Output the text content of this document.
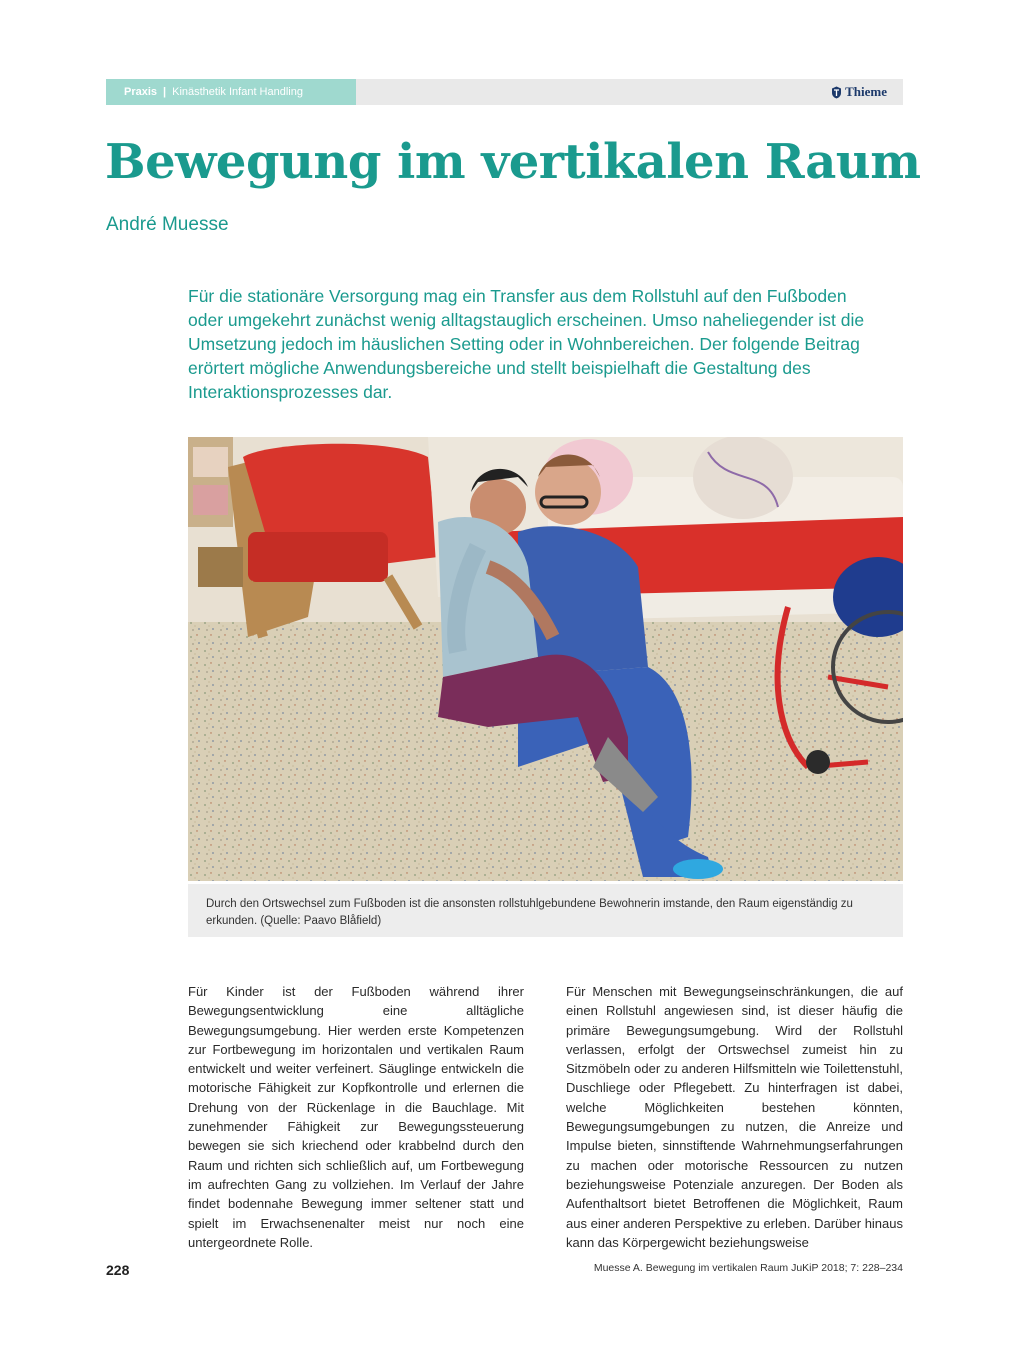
Praxis | Kinästhetik Infant Handling	Thieme
Bewegung im vertikalen Raum
André Muesse

Für die stationäre Versorgung mag ein Transfer aus dem Rollstuhl auf den Fußboden oder umgekehrt zunächst wenig alltagstauglich erscheinen. Umso naheliegender ist die Umsetzung jedoch im häuslichen Setting oder in Wohnbereichen. Der folgende Beitrag erörtert mögliche Anwendungsbereiche und stellt beispielhaft die Gestaltung des Interaktionsprozesses dar.

Durch den Ortswechsel zum Fußboden ist die ansonsten rollstuhlgebundene Bewohnerin imstande, den Raum eigenständig zu erkunden. (Quelle: Paavo Blåfield)

Für Kinder ist der Fußboden während ihrer Bewegungsentwicklung eine alltägliche Bewegungsumgebung. Hier werden erste Kompetenzen zur Fortbewegung im horizontalen und vertikalen Raum entwickelt und weiter verfeinert. Säuglinge entwickeln die motorische Fähigkeit zur Kopfkontrolle und erlernen die Drehung von der Rückenlage in die Bauchlage. Mit zunehmender Fähigkeit zur Bewegungssteuerung bewegen sie sich kriechend oder krabbelnd durch den Raum und richten sich schließlich auf, um Fortbewegung im aufrechten Gang zu vollziehen. Im Verlauf der Jahre findet bodennahe Bewegung immer seltener statt und spielt im Erwachsenenalter meist nur noch eine untergeordnete Rolle.

Für Menschen mit Bewegungseinschränkungen, die auf einen Rollstuhl angewiesen sind, ist dieser häufig die primäre Bewegungsumgebung. Wird der Rollstuhl verlassen, erfolgt der Ortswechsel zumeist hin zu Sitzmöbeln oder zu anderen Hilfsmitteln wie Toilettenstuhl, Duschliege oder Pflegebett. Zu hinterfragen ist dabei, welche Möglichkeiten bestehen könnten, Bewegungsumgebungen zu nutzen, die Anreize und Impulse bieten, sinnstiftende Wahrnehmungserfahrungen zu machen oder motorische Ressourcen zu nutzen beziehungsweise Potenziale anzuregen. Der Boden als Aufenthaltsort bietet Betroffenen die Möglichkeit, Raum aus einer anderen Perspektive zu erleben. Darüber hinaus kann das Körpergewicht beziehungsweise

228	Muesse A. Bewegung im vertikalen Raum JuKiP 2018; 7: 228–234
